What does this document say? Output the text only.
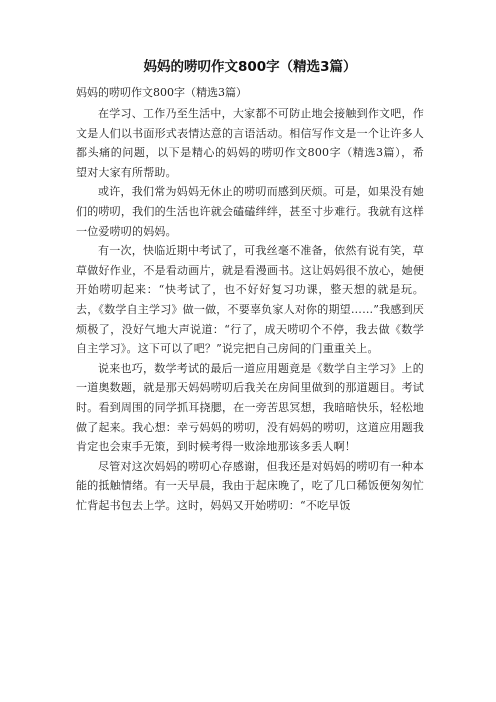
妈妈的唠叨作文800字（精选3篇）

妈妈的唠叨作文800字（精选3篇）

在学习、工作乃至生活中，大家都不可防止地会接触到作文吧，作文是人们以书面形式表情达意的言语活动。相信写作文是一个让许多人都头痛的问题，以下是精心的妈妈的唠叨作文800字（精选3篇），希望对大家有所帮助。

或许，我们常为妈妈无休止的唠叨而感到厌烦。可是，如果没有她们的唠叨，我们的生活也许就会磕磕绊绊，甚至寸步难行。我就有这样一位爱唠叨的妈妈。

有一次，快临近期中考试了，可我丝毫不准备，依然有说有笑，草草做好作业，不是看动画片，就是看漫画书。这让妈妈很不放心，她便开始唠叨起来：“快考试了，也不好好复习功课，整天想的就是玩。去，《数学自主学习》做一做，不要辜负家人对你的期望……”我感到厌烦极了，没好气地大声说道：“行了，成天唠叨个不停，我去做《数学自主学习》。这下可以了吧？”说完把自己房间的门重重关上。

说来也巧，数学考试的最后一道应用题竟是《数学自主学习》上的一道奥数题，就是那天妈妈唠叨后我关在房间里做到的那道题目。考试时。看到周围的同学抓耳挠腮，在一旁苦思冥想，我暗暗快乐，轻松地做了起来。我心想：幸亏妈妈的唠叨，没有妈妈的唠叨，这道应用题我肯定也会束手无策，到时候考得一败涂地那该多丢人啊！

尽管对这次妈妈的唠叨心存感谢，但我还是对妈妈的唠叨有一种本能的抵触情绪。有一天早晨，我由于起床晚了，吃了几口稀饭便匆匆忙忙背起书包去上学。这时，妈妈又开始唠叨：“不吃早饭
